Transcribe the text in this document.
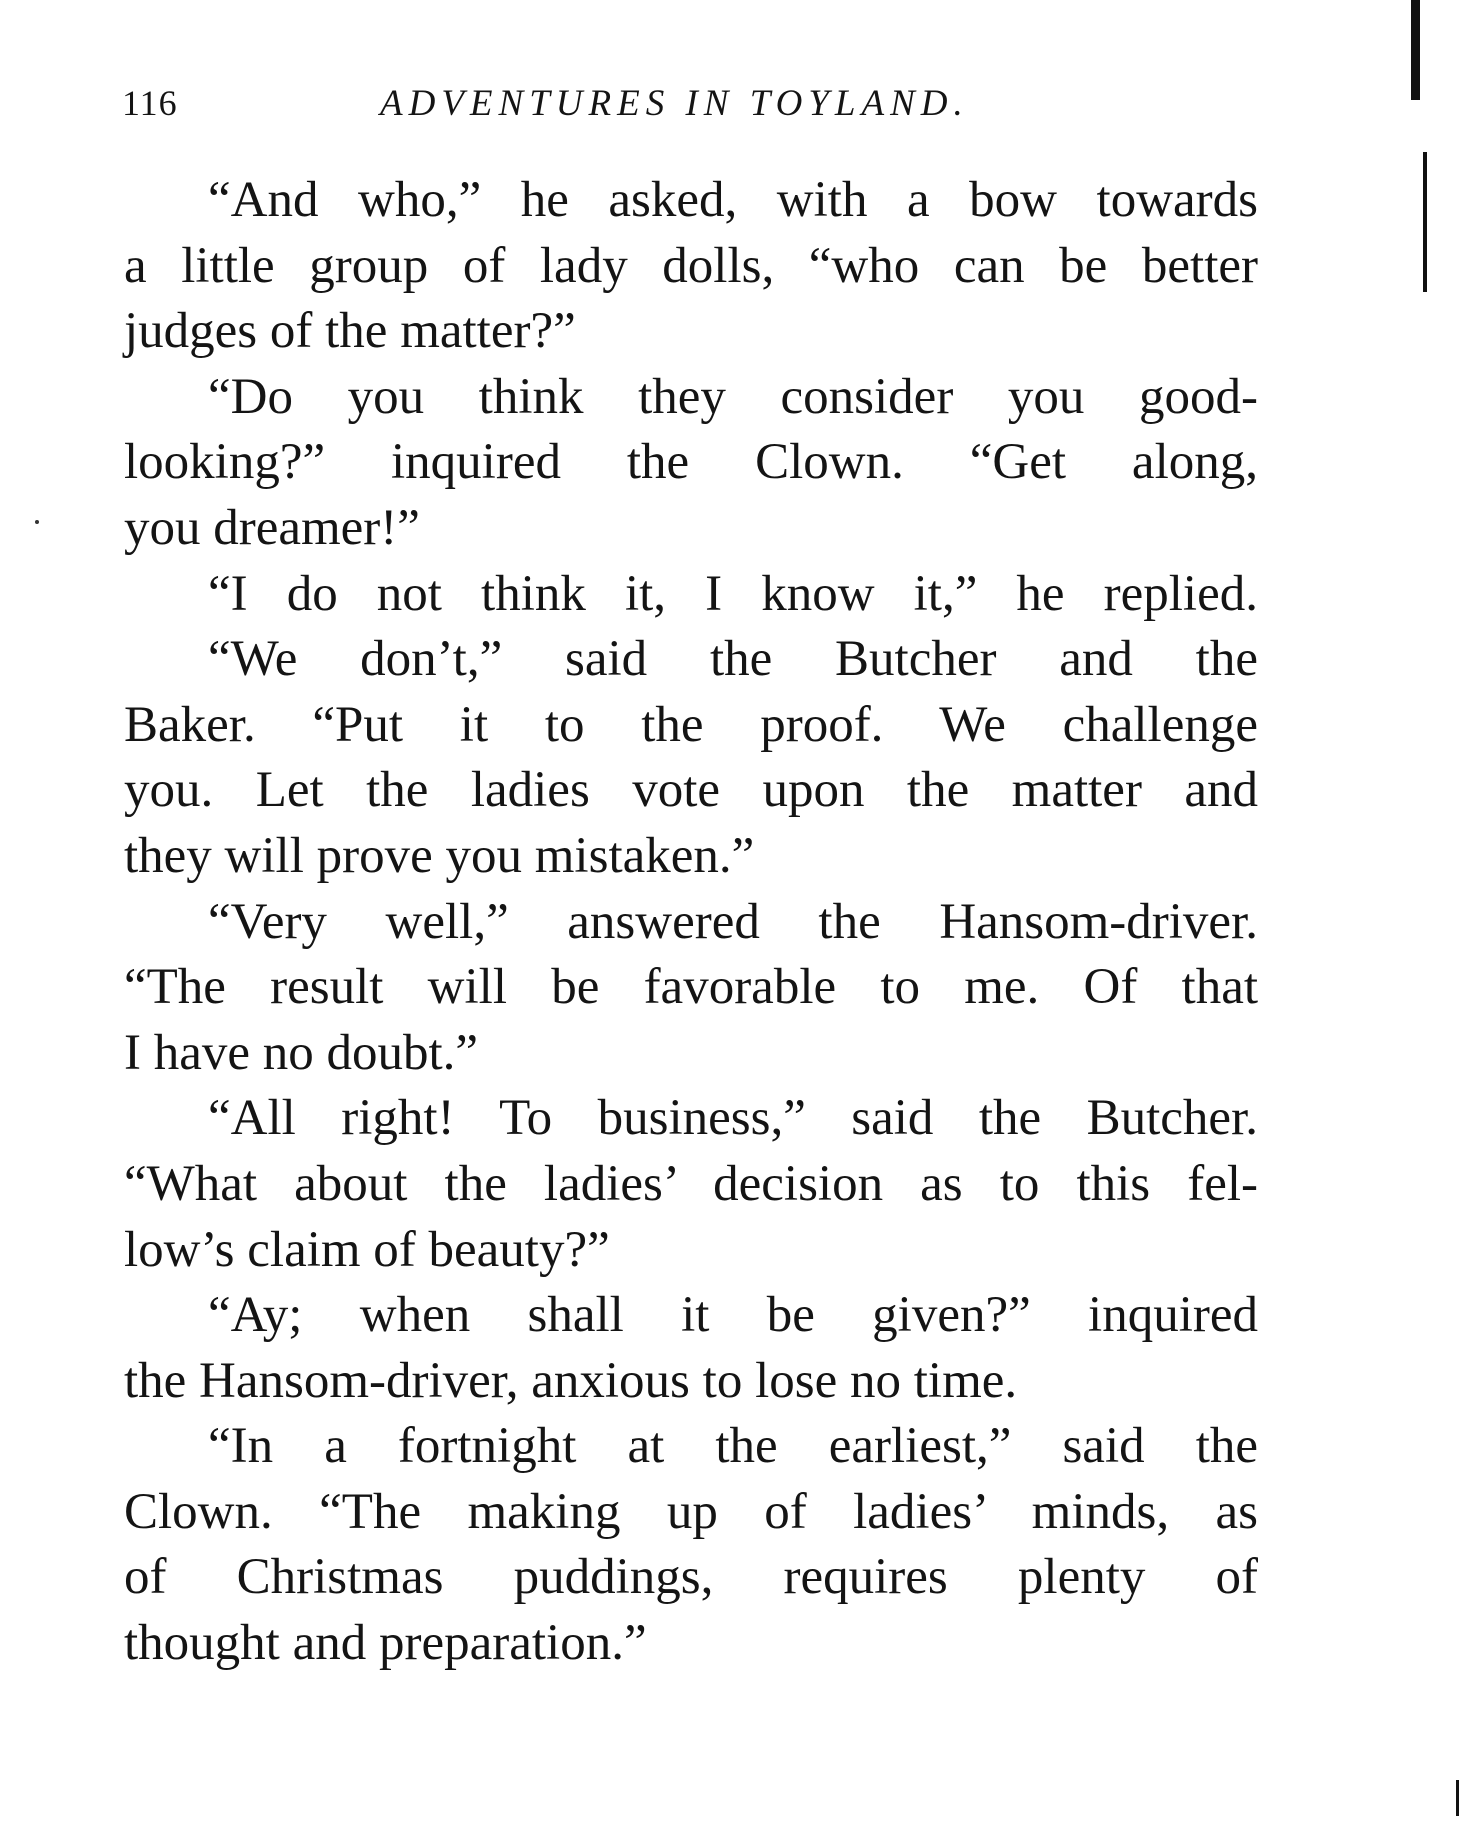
116	ADVENTURES IN TOYLAND.
“And who,” he asked, with a bow towards
a little group of lady dolls, “who can be better
judges of the matter?”
“Do you think they consider you good-
looking?” inquired the Clown. “Get along,
you dreamer!”
“I do not think it, I know it,” he replied.
“We don’t,” said the Butcher and the
Baker. “Put it to the proof. We challenge
you. Let the ladies vote upon the matter and
they will prove you mistaken.”
“Very well,” answered the Hansom-driver.
“The result will be favorable to me. Of that
I have no doubt.”
“All right! To business,” said the Butcher.
“What about the ladies’ decision as to this fel-
low’s claim of beauty?”
“Ay; when shall it be given?” inquired
the Hansom-driver, anxious to lose no time.
“In a fortnight at the earliest,” said the
Clown. “The making up of ladies’ minds, as
of Christmas puddings, requires plenty of
thought and preparation.”
